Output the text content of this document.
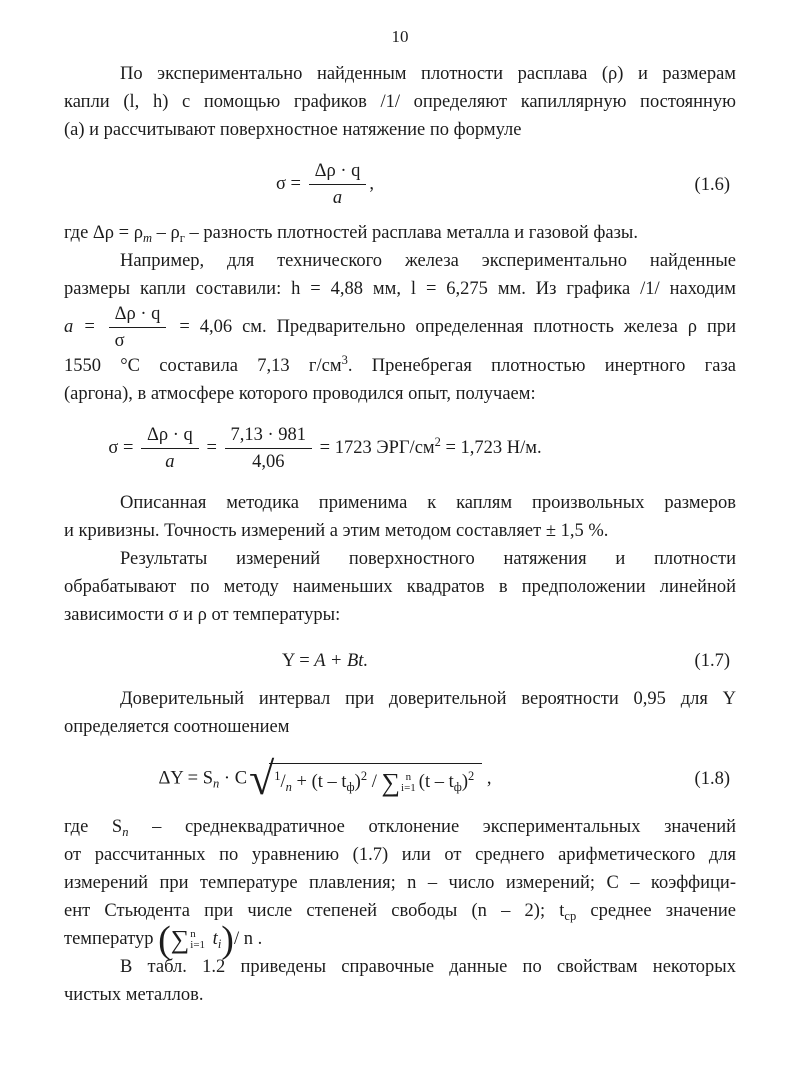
10
По экспериментально найденным плотности расплава (ρ) и размерам
капли (l, h) с помощью графиков /1/ определяют капиллярную постоянную
(а) и рассчитывают поверхностное натяжение по формуле
$\sigma = \frac{\Delta\rho \cdot q}{a}$ ,	(1.6)
где $\Delta\rho = \rho_m - \rho_г$ – разность плотностей расплава металла и газовой фазы.
Например, для технического железа экспериментально найденные
размеры капли составили: h = 4,88 мм, l = 6,275 мм. Из графика /1/ находим
$a = \frac{\Delta\rho \cdot q}{\sigma} = 4,06$ см. Предварительно определенная плотность железа ρ при
1550 °С составила 7,13 $г/см^3$. Пренебрегая плотностью инертного газа
(аргона), в атмосфере которого проводился опыт, получаем:
$\sigma = \frac{\Delta\rho \cdot q}{a} = \frac{7,13 \cdot 981}{4,06} = 1723$ ЭРГ/$см^2 = 1,723$ Н/м.
Описанная методика применима к каплям произвольных размеров
и кривизны. Точность измерений а этим методом составляет ± 1,5 %.
Результаты измерений поверхностного натяжения и плотности
обрабатывают по методу наименьших квадратов в предположении линейной
зависимости σ и ρ от температуры:
Y = A + Bt.	(1.7)
Доверительный интервал при доверительной вероятности 0,95 для Y
определяется соотношением
$\Delta Y = S_n \cdot C$ √ $^1/_n + (t - t_ф)^2$ / ∑ n
i=1 $(t - t_ф)^2$ ,	(1.8)
где $S_n$ – среднеквадратичное отклонение экспериментальных значений
от рассчитанных по уравнению (1.7) или от среднего арифметического для
измерений при температуре плавления; n – число измерений; С – коэффици-
ент Стьюдента при числе степеней свободы (n – 2); $t_{ср}$ среднее значение
температур (∑ n
i=1 $t_i)/$ n .
В табл. 1.2 приведены справочные данные по свойствам некоторых
чистых металлов.
